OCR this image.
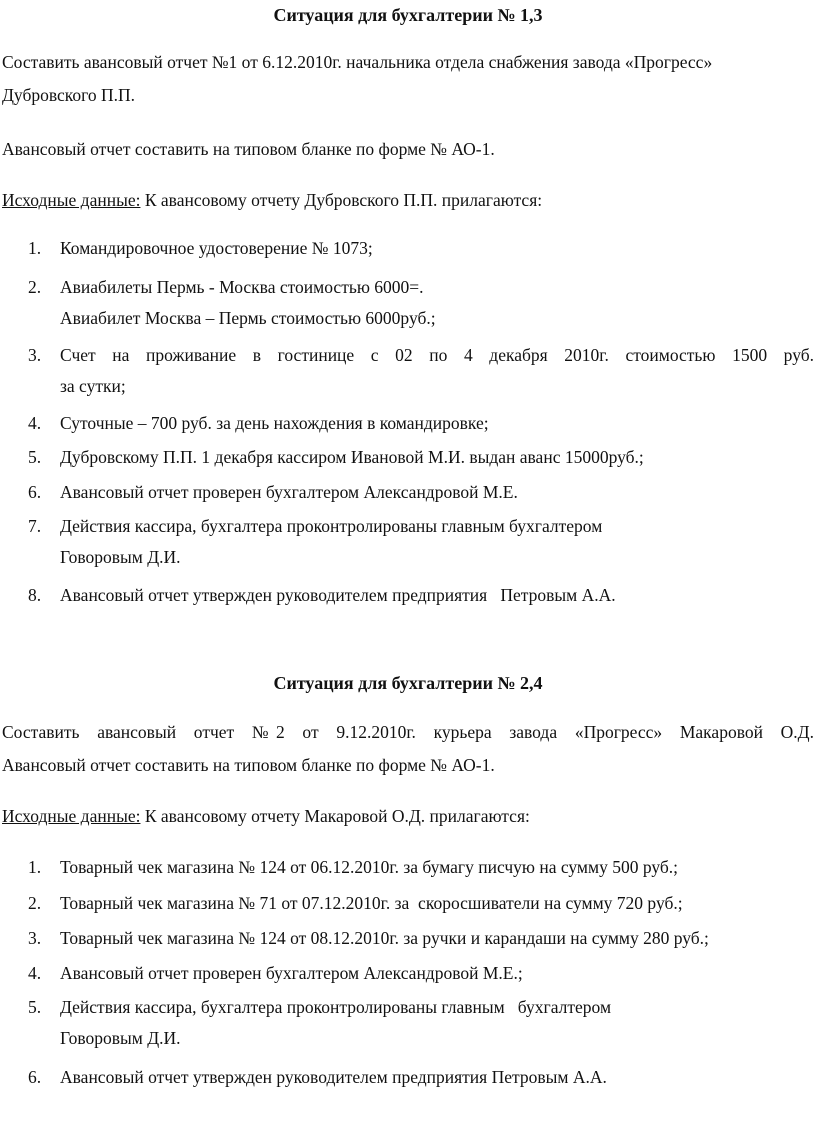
Ситуация для бухгалтерии № 1,3
Составить авансовый отчет №1 от 6.12.2010г. начальника отдела снабжения завода «Прогресс»
Дубровского П.П.
Авансовый отчет составить на типовом бланке по форме № АО-1.
Исходные данные: К авансовому отчету Дубровского П.П. прилагаются:
1.	Командировочное удостоверение № 1073;
2.	Авиабилеты Пермь - Москва стоимостью 6000=.
Авиабилет Москва – Пермь стоимостью 6000руб.;
3.	Счет на проживание в гостинице с 02 по 4 декабря 2010г. стоимостью 1500 руб.
за сутки;
4.	Суточные – 700 руб. за день нахождения в командировке;
5.	Дубровскому П.П. 1 декабря кассиром Ивановой М.И. выдан аванс 15000руб.;
6.	Авансовый отчет проверен бухгалтером Александровой М.Е.
7.	Действия кассира, бухгалтера проконтролированы главным бухгалтером
Говоровым Д.И.
8.	Авансовый отчет утвержден руководителем предприятия   Петровым А.А.
Ситуация для бухгалтерии № 2,4
Составить авансовый отчет №2 от 9.12.2010г. курьера завода «Прогресс» Макаровой О.Д.
Авансовый отчет составить на типовом бланке по форме № АО-1.
Исходные данные: К авансовому отчету Макаровой О.Д. прилагаются:
1.	Товарный чек магазина № 124 от 06.12.2010г. за бумагу писчую на сумму 500 руб.;
2.	Товарный чек магазина № 71 от 07.12.2010г. за  скоросшиватели на сумму 720 руб.;
3.	Товарный чек магазина № 124 от 08.12.2010г. за ручки и карандаши на сумму 280 руб.;
4.	Авансовый отчет проверен бухгалтером Александровой М.Е.;
5.	Действия кассира, бухгалтера проконтролированы главным   бухгалтером
Говоровым Д.И.
6.	Авансовый отчет утвержден руководителем предприятия Петровым А.А.
